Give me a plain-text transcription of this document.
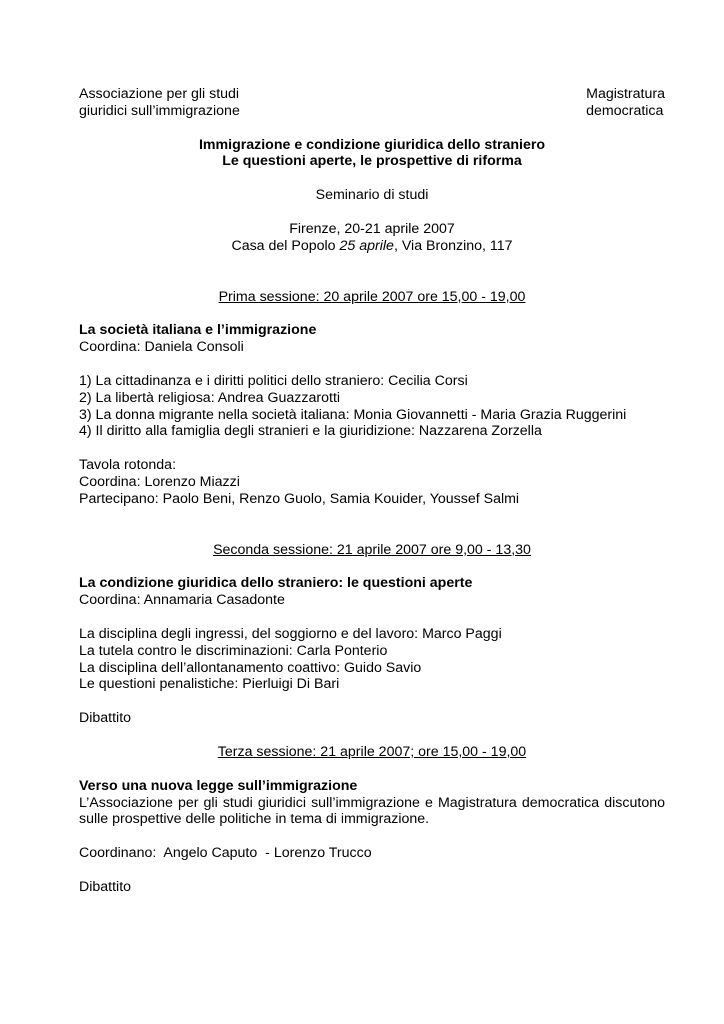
Associazione per gli studi
giuridici sull’immigrazione
Magistratura
democratica
Immigrazione e condizione giuridica dello straniero
Le questioni aperte, le prospettive di riforma
Seminario di studi
Firenze, 20-21 aprile 2007
Casa del Popolo 25 aprile, Via Bronzino, 117
Prima sessione: 20 aprile 2007 ore 15,00 - 19,00
La società italiana e l’immigrazione
Coordina: Daniela Consoli
1) La cittadinanza e i diritti politici dello straniero: Cecilia Corsi
2) La libertà religiosa: Andrea Guazzarotti
3) La donna migrante nella società italiana: Monia Giovannetti - Maria Grazia Ruggerini
4) Il diritto alla famiglia degli stranieri e la giuridizione: Nazzarena Zorzella
Tavola rotonda:
Coordina: Lorenzo Miazzi
Partecipano: Paolo Beni, Renzo Guolo, Samia Kouider, Youssef Salmi
Seconda sessione: 21 aprile 2007 ore 9,00 - 13,30
La condizione giuridica dello straniero: le questioni aperte
Coordina: Annamaria Casadonte
La disciplina degli ingressi, del soggiorno e del lavoro: Marco Paggi
La tutela contro le discriminazioni: Carla Ponterio
La disciplina dell’allontanamento coattivo: Guido Savio
Le questioni penalistiche: Pierluigi Di Bari
Dibattito
Terza sessione: 21 aprile 2007; ore 15,00 - 19,00
Verso una nuova legge sull’immigrazione
L’Associazione per gli studi giuridici sull’immigrazione e Magistratura democratica discutono sulle prospettive delle politiche in tema di immigrazione.
Coordinano:  Angelo Caputo  - Lorenzo Trucco
Dibattito
